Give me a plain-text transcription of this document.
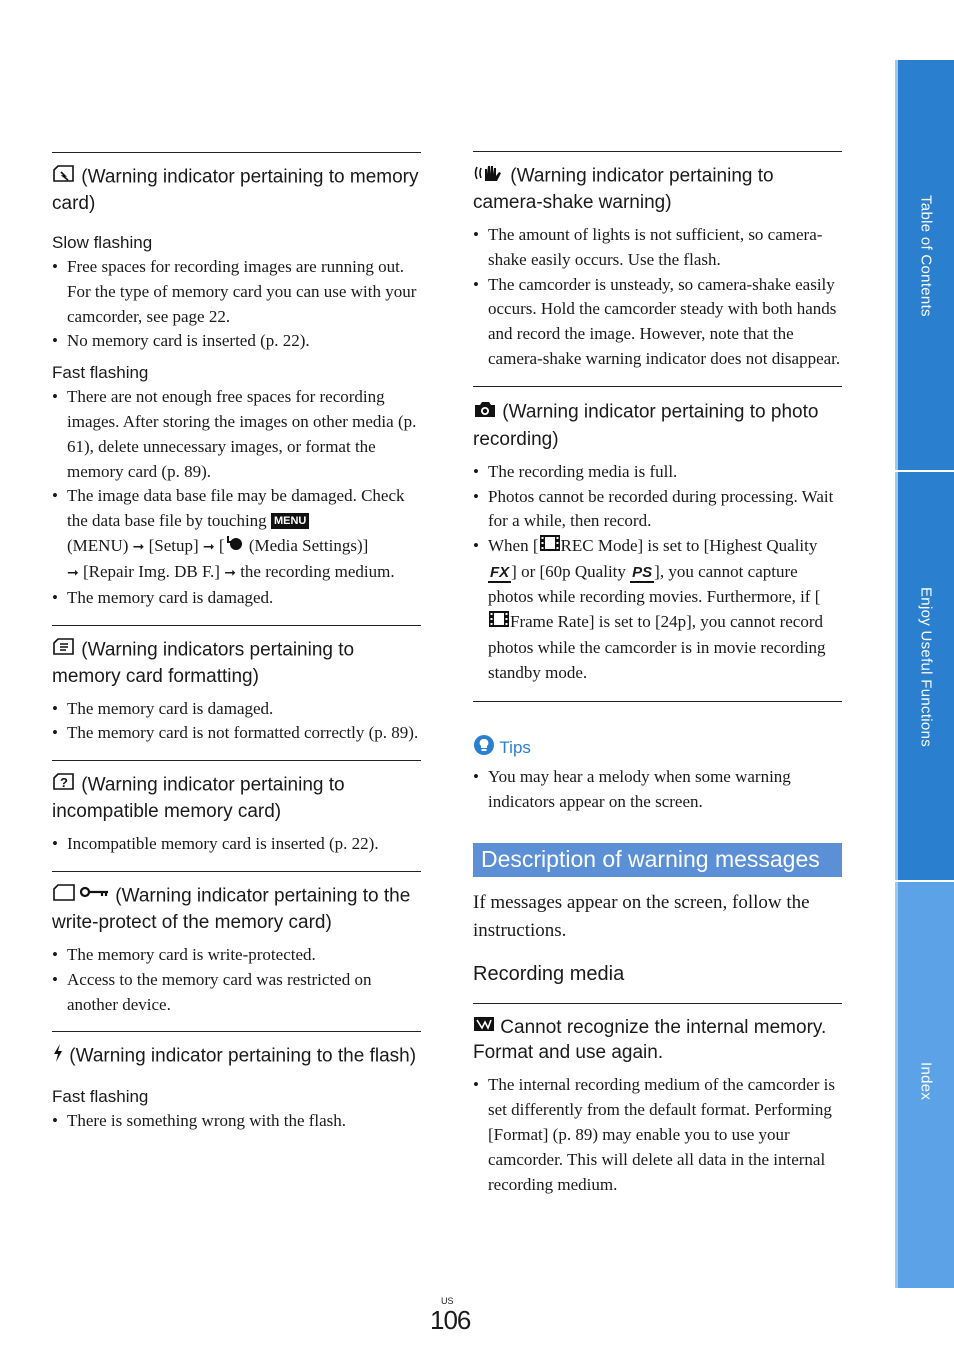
Table of Contents
Enjoy Useful Functions
Index

(Warning indicator pertaining to memory card)

Slow flashing

• Free spaces for recording images are running out. For the type of memory card you can use with your camcorder, see page 22.
• No memory card is inserted (p. 22).

Fast flashing

• There are not enough free spaces for recording images. After storing the images on other media (p. 61), delete unnecessary images, or format the memory card (p. 89).
• The image data base file may be damaged. Check the data base file by touching MENU
(MENU) ➞ [Setup] ➞ [ (Media Settings)]
➞ [Repair Img. DB F.] ➞ the recording medium.
• The memory card is damaged.

(Warning indicators pertaining to memory card formatting)

• The memory card is damaged.
• The memory card is not formatted correctly (p. 89).

? (Warning indicator pertaining to incompatible memory card)

• Incompatible memory card is inserted (p. 22).

(Warning indicator pertaining to the write-protect of the memory card)

• The memory card is write-protected.
• Access to the memory card was restricted on another device.

(Warning indicator pertaining to the flash)

Fast flashing

• There is something wrong with the flash.

(Warning indicator pertaining to camera-shake warning)

• The amount of lights is not sufficient, so camera-shake easily occurs. Use the flash.
• The camcorder is unsteady, so camera-shake easily occurs. Hold the camcorder steady with both hands and record the image. However, note that the camera-shake warning indicator does not disappear.

(Warning indicator pertaining to photo recording)

• The recording media is full.
• Photos cannot be recorded during processing. Wait for a while, then record.
• When [ REC Mode] is set to [Highest Quality FX ] or [60p Quality PS ], you cannot capture photos while recording movies. Furthermore, if [Frame Rate] is set to [24p], you cannot record photos while the camcorder is in movie recording standby mode.

Tips

• You may hear a melody when some warning indicators appear on the screen.
Description of warning messages

If messages appear on the screen, follow the instructions.

Recording media

Cannot recognize the internal memory. Format and use again.

• The internal recording medium of the camcorder is set differently from the default format. Performing [Format] (p. 89) may enable you to use your camcorder. This will delete all data in the internal recording medium.
US
106
